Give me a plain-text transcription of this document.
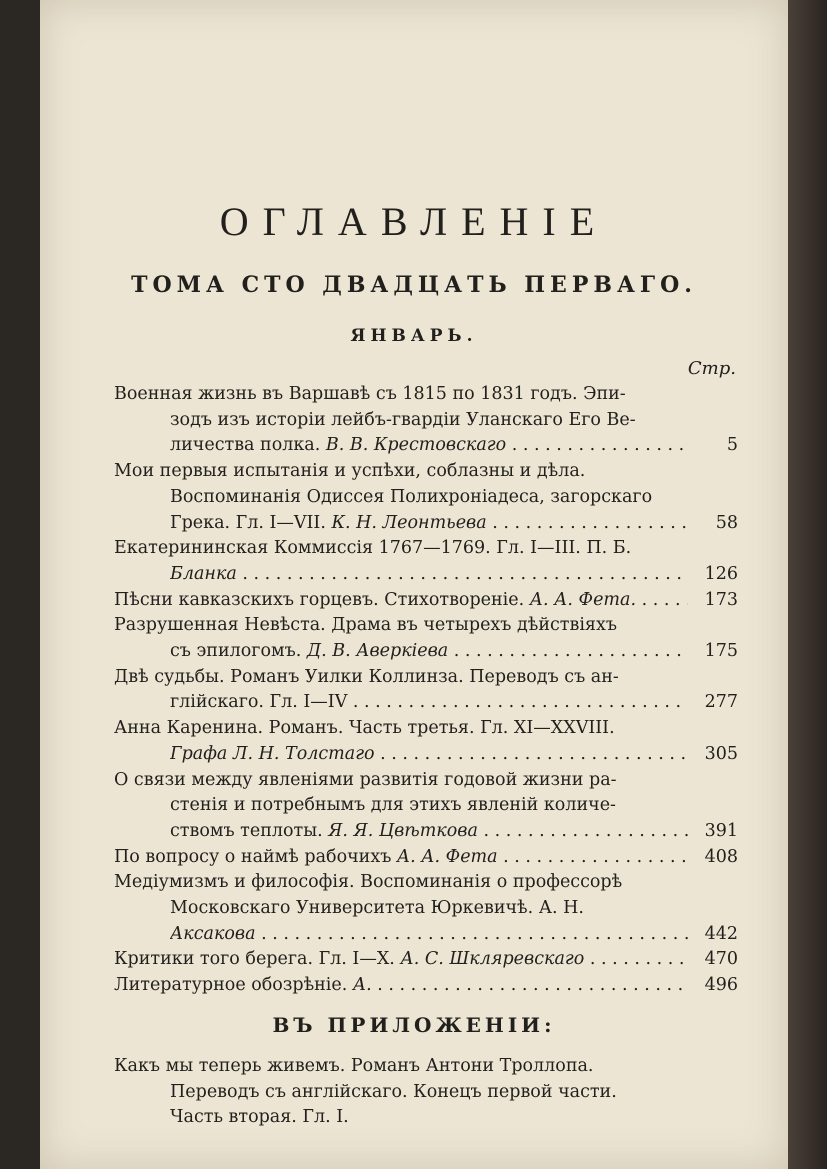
ОГЛАВЛЕНIЕ
ТОМА СТО ДВАДЦАТЬ ПЕРВАГО.
ЯНВАРЬ.
Стр.
Военная жизнь въ Варшавѣ съ 1815 по 1831 годъ. Эпи-
зодъ изъ исторiи лейбъ-гвардiи Уланскаго Его Ве-
личества полка. В. В. Крестовскаго . . .	5
Мои первыя испытанiя и успѣхи, соблазны и дѣла.
Воспоминанiя Одиссея Полихронiадеса, загорскаго
Грека. Гл. I—VII. К. Н. Леонтьева . . .	58
Екатерининская Коммиссiя 1767—1769. Гл. I—III. П. Б.
Бланка . . .	126
Пѣсни кавказскихъ горцевъ. Стихотворенiе. А. А. Фета. . . .	173
Разрушенная Невѣста. Драма въ четырехъ дѣйствiяхъ
съ эпилогомъ. Д. В. Аверкiева . . .	175
Двѣ судьбы. Романъ Уилки Коллинза. Переводъ съ ан-
глiйскаго. Гл. I—IV . . .	277
Анна Каренина. Романъ. Часть третья. Гл. XI—XXVIII.
Графа Л. Н. Толстаго . . .	305
О связи между явленiями развитiя годовой жизни ра-
стенiя и потребнымъ для этихъ явленiй количе-
ствомъ теплоты. Я. Я. Цвѣткова . . .	391
По вопросу о наймѣ рабочихъ А. А. Фета . . .	408
Медiумизмъ и философiя. Воспоминанiя о профессорѣ
Московскаго Университета Юркевичѣ. А. Н.
Аксакова . . .	442
Критики того берега. Гл. I—X. А. С. Шкляревскаго . . .	470
Литературное обозрѣнiе. А. . . .	496
ВЪ ПРИЛОЖЕНIИ:
Какъ мы теперь живемъ. Романъ Антони Троллопа.
Переводъ съ англiйскаго. Конецъ первой части.
Часть вторая. Гл. I.
